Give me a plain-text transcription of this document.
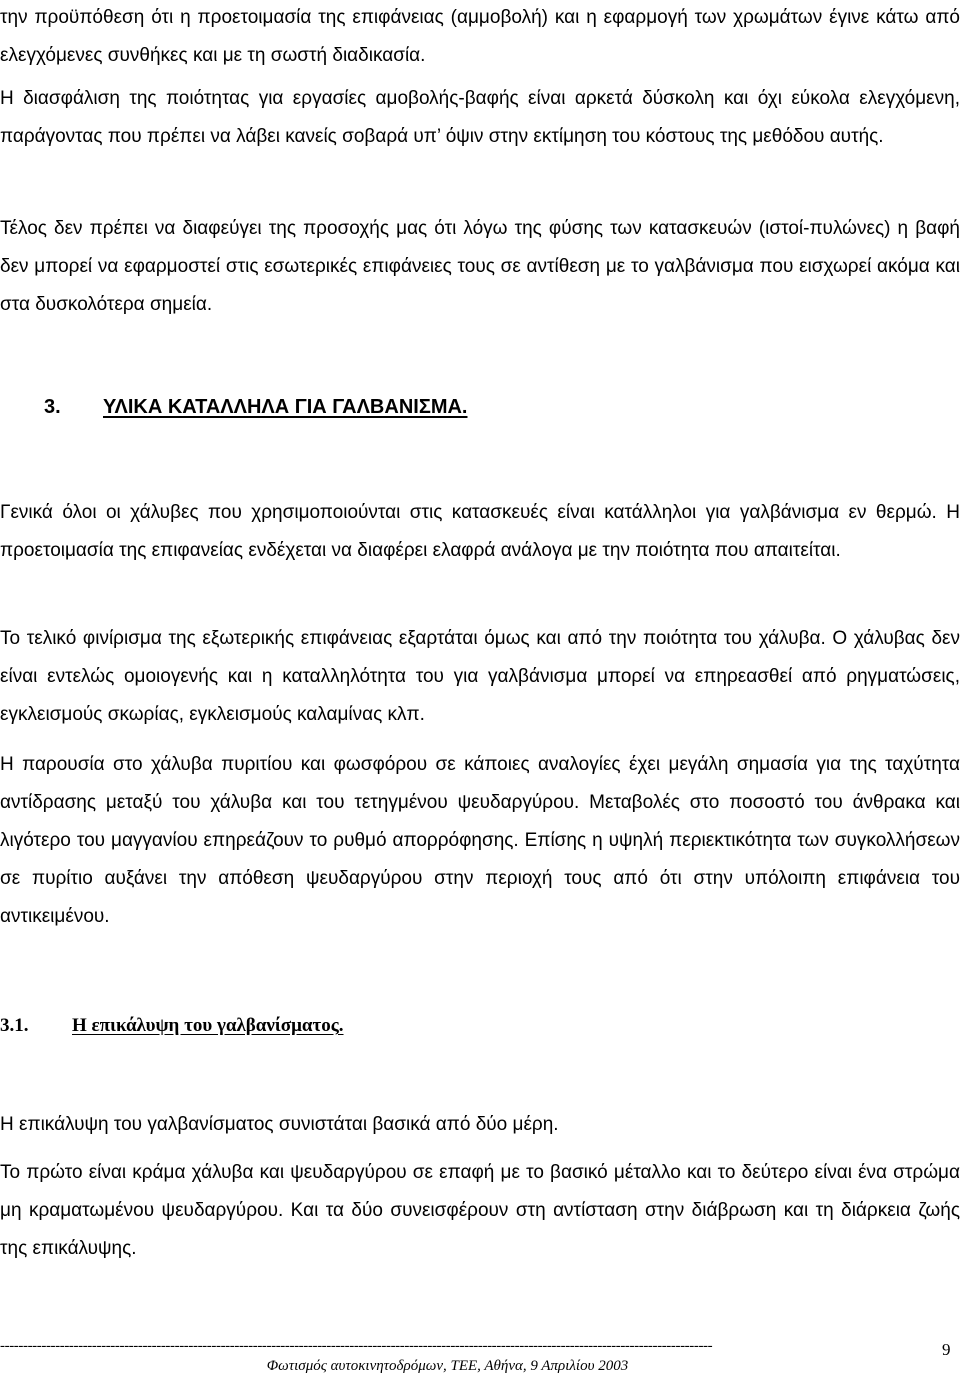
την προϋπόθεση ότι η προετοιμασία της επιφάνειας (αμμοβολή) και η εφαρμογή των χρωμάτων έγινε κάτω από ελεγχόμενες συνθήκες και με τη σωστή διαδικασία.

Η διασφάλιση της ποιότητας για εργασίες αμοβολής-βαφής είναι αρκετά δύσκολη και όχι εύκολα ελεγχόμενη, παράγοντας που πρέπει να λάβει κανείς σοβαρά υπ’ όψιν στην εκτίμηση του κόστους της μεθόδου αυτής.

Τέλος δεν πρέπει να διαφεύγει της προσοχής μας ότι λόγω της φύσης των κατασκευών (ιστοί-πυλώνες) η βαφή δεν μπορεί να εφαρμοστεί στις εσωτερικές επιφάνειες τους σε αντίθεση με το γαλβάνισμα που εισχωρεί ακόμα και στα δυσκολότερα σημεία.

3. ΥΛΙΚΑ ΚΑΤΑΛΛΗΛΑ ΓΙΑ ΓΑΛΒΑΝΙΣΜΑ.

Γενικά όλοι οι χάλυβες που χρησιμοποιούνται στις κατασκευές είναι κατάλληλοι για γαλβάνισμα εν θερμώ. Η προετοιμασία της επιφανείας ενδέχεται να διαφέρει ελαφρά ανάλογα με την ποιότητα που απαιτείται.

Το τελικό φινίρισμα της εξωτερικής επιφάνειας εξαρτάται όμως και από την ποιότητα του χάλυβα. Ο χάλυβας δεν είναι εντελώς ομοιογενής και η καταλληλότητα του για γαλβάνισμα μπορεί να επηρεασθεί από ρηγματώσεις, εγκλεισμούς σκωρίας, εγκλεισμούς καλαμίνας κλπ.

Η παρουσία στο χάλυβα πυριτίου και φωσφόρου σε κάποιες αναλογίες έχει μεγάλη σημασία για της ταχύτητα αντίδρασης μεταξύ του χάλυβα και του τετηγμένου ψευδαργύρου. Μεταβολές στο ποσοστό του άνθρακα και λιγότερο του μαγγανίου επηρεάζουν το ρυθμό απορρόφησης. Επίσης η υψηλή περιεκτικότητα των συγκολλήσεων σε πυρίτιο αυξάνει την απόθεση ψευδαργύρου στην περιοχή τους από ότι στην υπόλοιπη επιφάνεια του αντικειμένου.

3.1. Η επικάλυψη του γαλβανίσματος.

Η επικάλυψη του γαλβανίσματος συνιστάται βασικά από δύο μέρη.

Το πρώτο είναι κράμα χάλυβα και ψευδαργύρου σε επαφή με το βασικό μέταλλο και το δεύτερο είναι ένα στρώμα μη κραματωμένου ψευδαργύρου. Και τα δύο συνεισφέρουν στη αντίσταση στην διάβρωση και τη διάρκεια ζωής της επικάλυψης.

-----------------------------------------------------------------------------------------------------------------------------------------------------------
Φωτισμός αυτοκινητοδρόμων, ΤΕΕ, Αθήνα, 9 Απριλίου 2003
9
